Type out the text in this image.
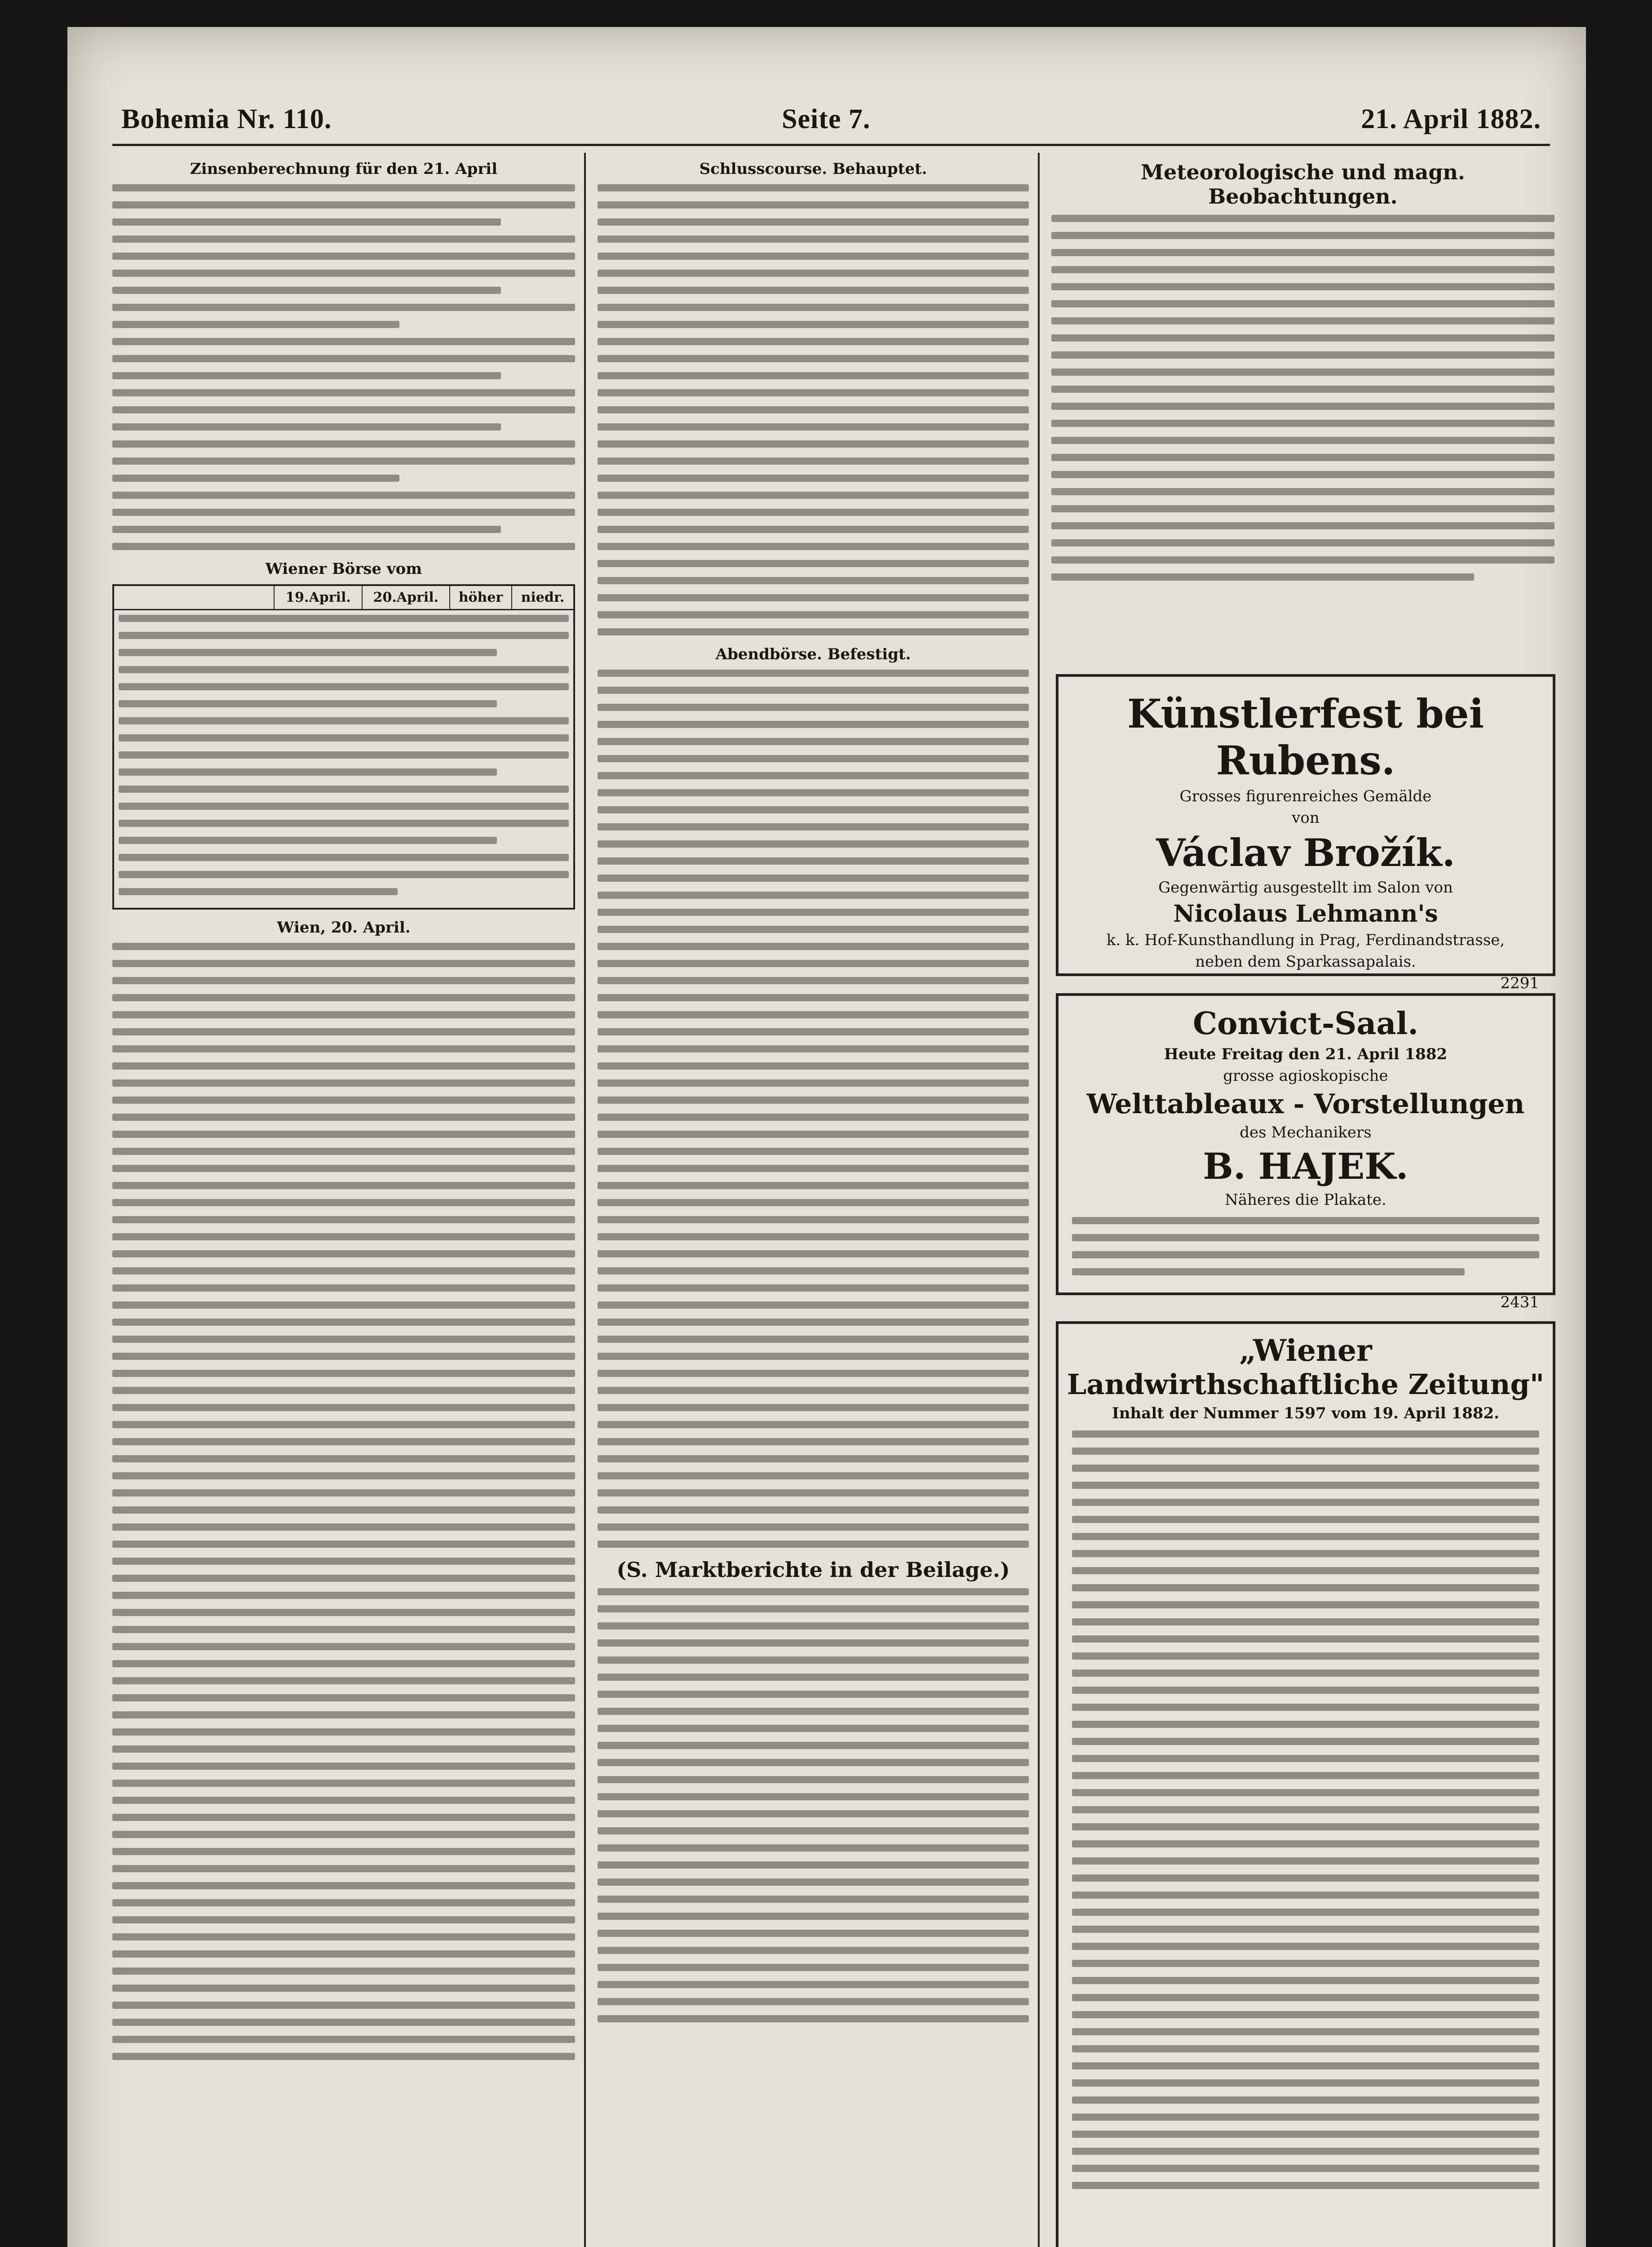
Bohemia Nr. 110.	Seite 7.	21. April 1882.
Zinsenberechnung für den 21. April
Wiener Börse vom
19.April.	20.April.	höher	niedr.
Wien, 20. April.
Schlusscourse. Behauptet.
Abendbörse. Befestigt.
(S. Marktberichte in der Beilage.)
Meteorologische und magn. Beobachtungen.
Künstlerfest bei Rubens.
Grosses figurenreiches Gemälde
von
Václav Brožík.
Gegenwärtig ausgestellt im Salon von
Nicolaus Lehmann's
k. k. Hof-Kunsthandlung in Prag, Ferdinandstrasse,
neben dem Sparkassapalais.
2291
Convict-Saal.
Heute Freitag den 21. April 1882
grosse agioskopische
Welttableaux - Vorstellungen
des Mechanikers
B. HAJEK.
Näheres die Plakate.
2431
„Wiener
Landwirthschaftliche Zeitung"
Inhalt der Nummer 1597 vom 19. April 1882.
